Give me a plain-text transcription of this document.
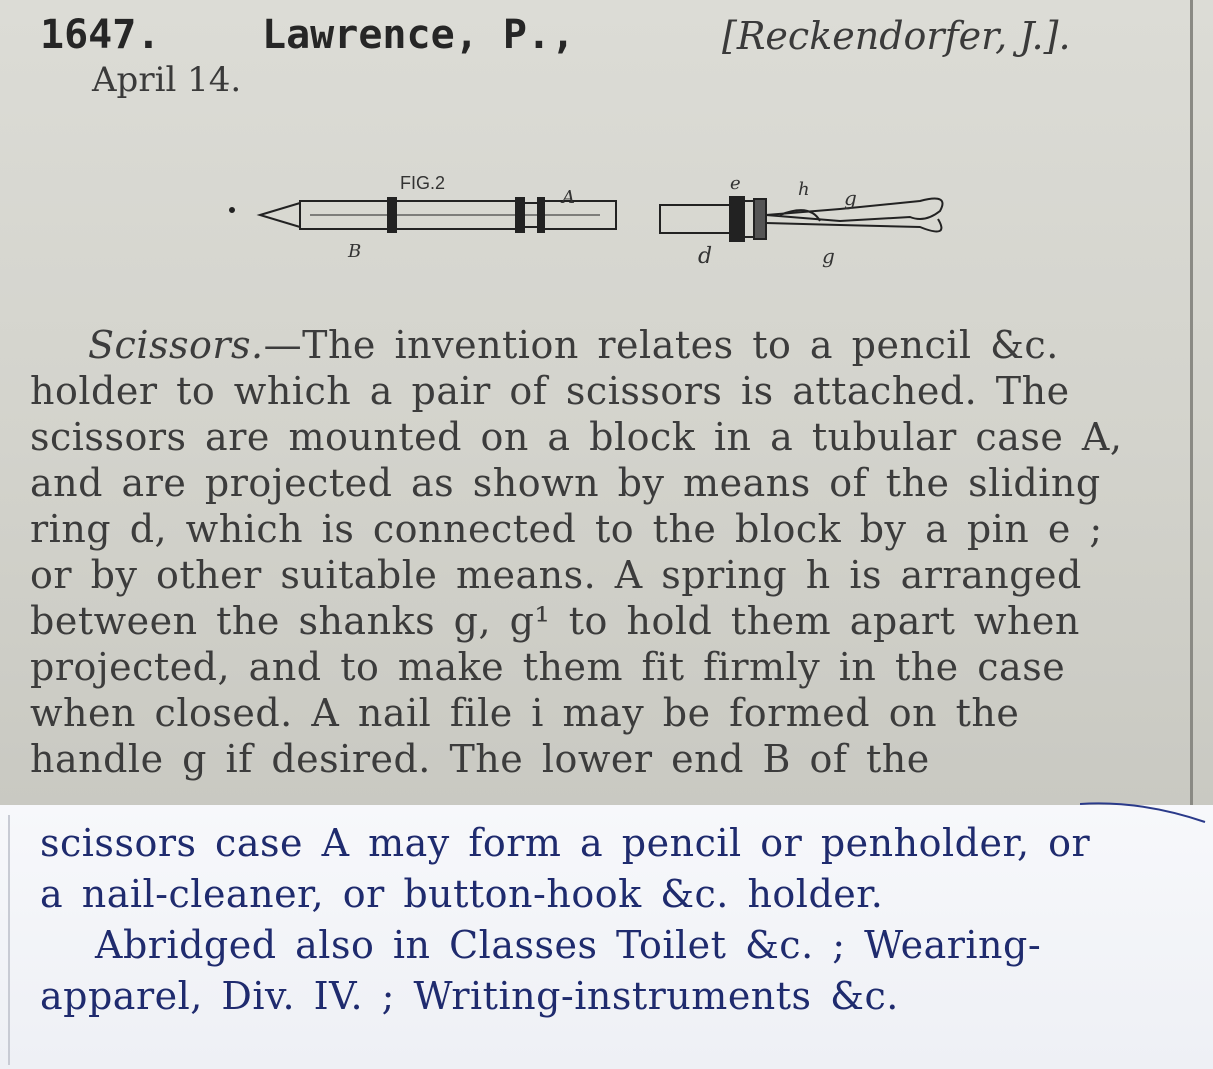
1647.	Lawrence, P.,	[Reckendorfer, J.].
April 14.
FIG.2
A
B
e	h g
d	g

Scissors.—The invention relates to a pencil &c.

holder to which a pair of scissors is attached. The

scissors are mounted on a block in a tubular case A,

and are projected as shown by means of the sliding

ring d, which is connected to the block by a pin e ;

or by other suitable means. A spring h is arranged

between the shanks g, g¹ to hold them apart when

projected, and to make them fit firmly in the case

when closed. A nail file i may be formed on the

handle g if desired. The lower end B of the

scissors case A may form a pencil or penholder, or

a nail-cleaner, or button-hook &c. holder.

Abridged also in Classes Toilet &c. ; Wearing-

apparel, Div. IV. ; Writing-instruments &c.
